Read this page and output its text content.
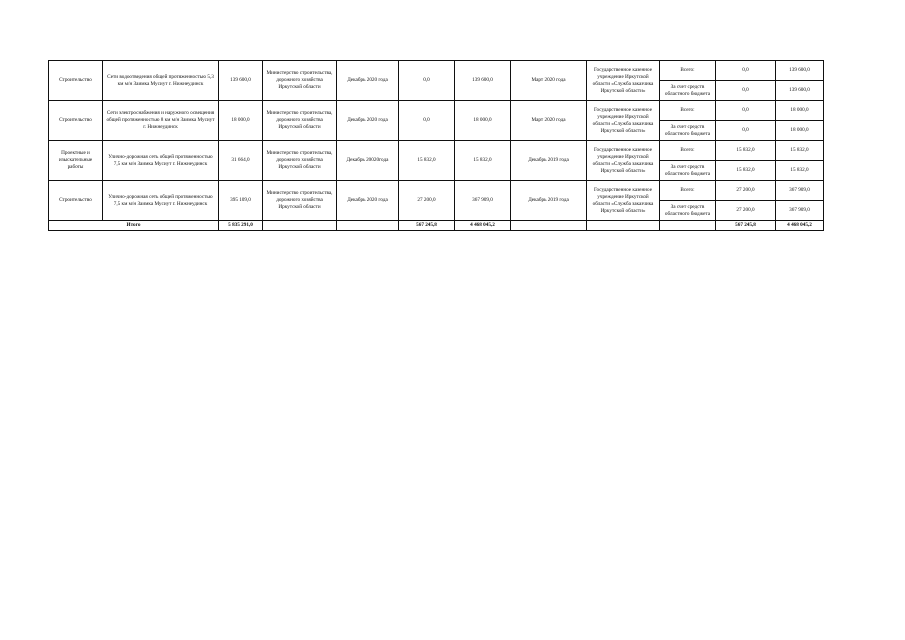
Строительство	Сети водоотведения общей протяженностью 5,3 км м/н Заимка Мусиут г. Нижнеудинск	139 600,0	Министерство строительства, дорожного хозяйства Иркутской области	Декабрь 2020 года	0,0	139 600,0	Март 2020 года	Государственное казенное учреждение Иркутской области «Служба заказчика Иркутской области»	Всего:	0,0	139 600,0
									За счет средств областного бюджета	0,0	139 600,0
Строительство	Сети электроснабжения и наружного освещения общей протяженностью 8 км м/н Заимка Мусиут г. Нижнеудинск	18 000,0	Министерство строительства, дорожного хозяйства Иркутской области	Декабрь 2020 года	0,0	18 000,0	Март 2020 года	Государственное казенное учреждение Иркутской области «Служба заказчика Иркутской области»	Всего:	0,0	18 000,0
									За счет средств областного бюджета	0,0	18 000,0
Проектные и изыскательные работы	Улично-дорожная сеть общей протяженностью 7,5 км м/н Заимка Мусиут г. Нижнеудинск	31 664,0	Министерство строительства, дорожного хозяйства Иркутской области	Декабрь 20020года	15 832,0	15 832,0	Декабрь 2019 года	Государственное казенное учреждение Иркутской области «Служба заказчика Иркутской области»	Всего:	15 832,0	15 832,0
									За счет средств областного бюджета	15 832,0	15 832,0
Строительство	Улично-дорожная сеть общей протяженностью 7,5 км м/н Заимка Мусиут г. Нижнеудинск	395 109,0	Министерство строительства, дорожного хозяйства Иркутской области	Декабрь 2020 года	27 200,0	367 909,0	Декабрь 2019 года	Государственное казенное учреждение Иркутской области «Служба заказчика Иркутской области»	Всего:	27 200,0	367 909,0
									За счет средств областного бюджета	27 200,0	367 909,0
Итого		5 835 291,0			567 245,8	4 468 045,2				567 245,8	4 468 045,2
